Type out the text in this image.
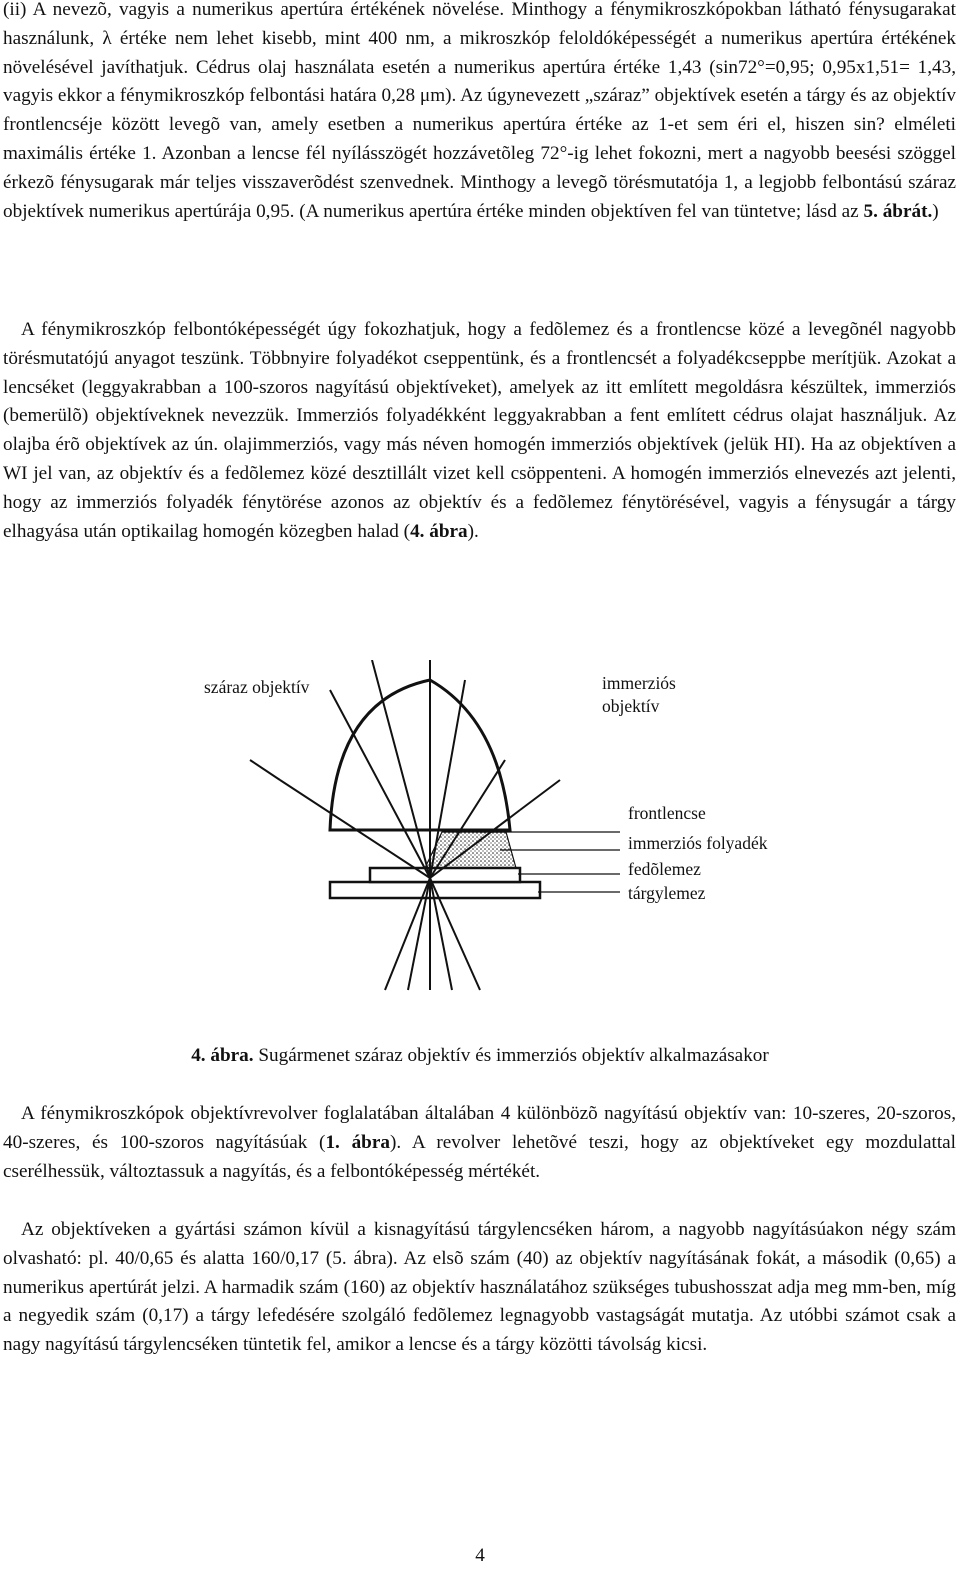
(ii) A nevezõ, vagyis a numerikus apertúra értékének növelése. Minthogy a fénymikroszkópokban látható fénysugarakat használunk, λ értéke nem lehet kisebb, mint 400 nm, a mikroszkóp feloldóképességét a numerikus apertúra értékének növelésével javíthatjuk. Cédrus olaj használata esetén a numerikus apertúra értéke 1,43 (sin72°=0,95; 0,95x1,51= 1,43, vagyis ekkor a fénymikroszkóp felbontási határa 0,28 μm). Az úgynevezett „száraz” objektívek esetén a tárgy és az objektív frontlencséje között levegõ van, amely esetben a numerikus apertúra értéke az 1-et sem éri el, hiszen sin? elméleti maximális értéke 1. Azonban a lencse fél nyílásszögét hozzávetõleg 72°-ig lehet fokozni, mert a nagyobb beesési szöggel érkezõ fénysugarak már teljes visszaverõdést szenvednek. Minthogy a levegõ törésmutatója 1, a legjobb felbontású száraz objektívek numerikus apertúrája 0,95. (A numerikus apertúra értéke minden objektíven fel van tüntetve; lásd az 5. ábrát.)

A fénymikroszkóp felbontóképességét úgy fokozhatjuk, hogy a fedõlemez és a frontlencse közé a levegõnél nagyobb törésmutatójú anyagot teszünk. Többnyire folyadékot cseppentünk, és a frontlencsét a folyadékcseppbe merítjük. Azokat a lencséket (leggyakrabban a 100-szoros nagyítású objektíveket), amelyek az itt említett megoldásra készültek, immerziós (bemerülõ) objektíveknek nevezzük. Immerziós folyadékként leggyakrabban a fent említett cédrus olajat használjuk. Az olajba érõ objektívek az ún. olajimmerziós, vagy más néven homogén immerziós objektívek (jelük HI). Ha az objektíven a WI jel van, az objektív és a fedõlemez közé desztillált vizet kell csöppenteni. A homogén immerziós elnevezés azt jelenti, hogy az immerziós folyadék fénytörése azonos az objektív és a fedõlemez fénytörésével, vagyis a fénysugár a tárgy elhagyása után optikailag homogén közegben halad (4. ábra).

száraz objektív	immerziós
objektív
frontlencse
immerziós folyadék
fedõlemez
tárgylemez
4. ábra. Sugármenet száraz objektív és immerziós objektív alkalmazásakor

A fénymikroszkópok objektívrevolver foglalatában általában 4 különbözõ nagyítású objektív van: 10-szeres, 20-szoros, 40-szeres, és 100-szoros nagyításúak (1. ábra). A revolver lehetõvé teszi, hogy az objektíveket egy mozdulattal cserélhessük, változtassuk a nagyítás, és a felbontóképesség mértékét.

Az objektíveken a gyártási számon kívül a kisnagyítású tárgylencséken három, a nagyobb nagyításúakon négy szám olvasható: pl. 40/0,65 és alatta 160/0,17 (5. ábra). Az elsõ szám (40) az objektív nagyításának fokát, a második (0,65) a numerikus apertúrát jelzi. A harmadik szám (160) az objektív használatához szükséges tubushosszat adja meg mm-ben, míg a negyedik szám (0,17) a tárgy lefedésére szolgáló fedõlemez legnagyobb vastagságát mutatja. Az utóbbi számot csak a nagy nagyítású tárgylencséken tüntetik fel, amikor a lencse és a tárgy közötti távolság kicsi.

4
